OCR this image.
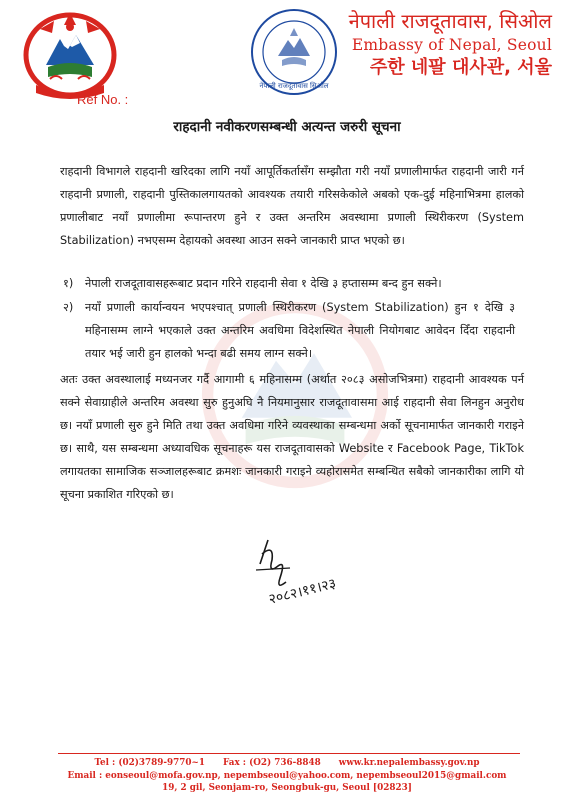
नेपाली राजदूतावास सिओल
नेपाली राजदूतावास, सिओल
Embassy of Nepal, Seoul
주한 네팔 대사관, 서울
Ref No. :
राहदानी नवीकरणसम्बन्धी अत्यन्त जरुरी सूचना
राहदानी विभागले राहदानी खरिदका लागि नयाँ आपूर्तिकर्तासँग सम्झौता गरी नयाँ प्रणालीमार्फत राहदानी जारी गर्न राहदानी प्रणाली, राहदानी पुस्तिकालगायतको आवश्यक तयारी गरिसकेकोले अबको एक-दुई महिनाभित्रमा हालको प्रणालीबाट नयाँ प्रणालीमा रूपान्तरण हुने र उक्त अन्तरिम अवस्थामा प्रणाली स्थिरीकरण (System Stabilization) नभएसम्म देहायको अवस्था आउन सक्ने जानकारी प्राप्त भएको छ।
१) नेपाली राजदूतावासहरूबाट प्रदान गरिने राहदानी सेवा १ देखि ३ हप्तासम्म बन्द हुन सक्ने।
२) नयाँ प्रणाली कार्यान्वयन भएपश्चात् प्रणाली स्थिरीकरण (System Stabilization) हुन १ देखि ३ महिनासम्म लाग्ने भएकाले उक्त अन्तरिम अवधिमा विदेशस्थित नेपाली नियोगबाट आवेदन दिँदा राहदानी तयार भई जारी हुन हालको भन्दा बढी समय लाग्न सक्ने।
अतः उक्त अवस्थालाई मध्यनजर गर्दै आगामी ६ महिनासम्म (अर्थात २०८३ असोजभित्रमा) राहदानी आवश्यक पर्न सक्ने सेवाग्राहीले अन्तरिम अवस्था सुरु हुनुअघि नै नियमानुसार राजदूतावासमा आई राहदानी सेवा लिनहुन अनुरोध छ। नयाँ प्रणाली सुरु हुने मिति तथा उक्त अवधिमा गरिने व्यवस्थाका सम्बन्धमा अर्को सूचनामार्फत जानकारी गराइने छ। साथै, यस सम्बन्धमा अध्यावधिक सूचनाहरू यस राजदूतावासको Website र Facebook Page, TikTok लगायतका सामाजिक सञ्जालहरूबाट क्रमशः जानकारी गराइने व्यहोरासमेत सम्बन्धित सबैको जानकारीका लागि यो सूचना प्रकाशित गरिएको छ।
२०८२।११।२३
Tel : (02)3789-9770~1 Fax : (O2) 736-8848 www.kr.nepalembassy.gov.np
Email : eonseoul@mofa.gov.np, nepembseoul@yahoo.com, nepembseoul2015@gmail.com
19, 2 gil, Seonjam-ro, Seongbuk-gu, Seoul [02823]
